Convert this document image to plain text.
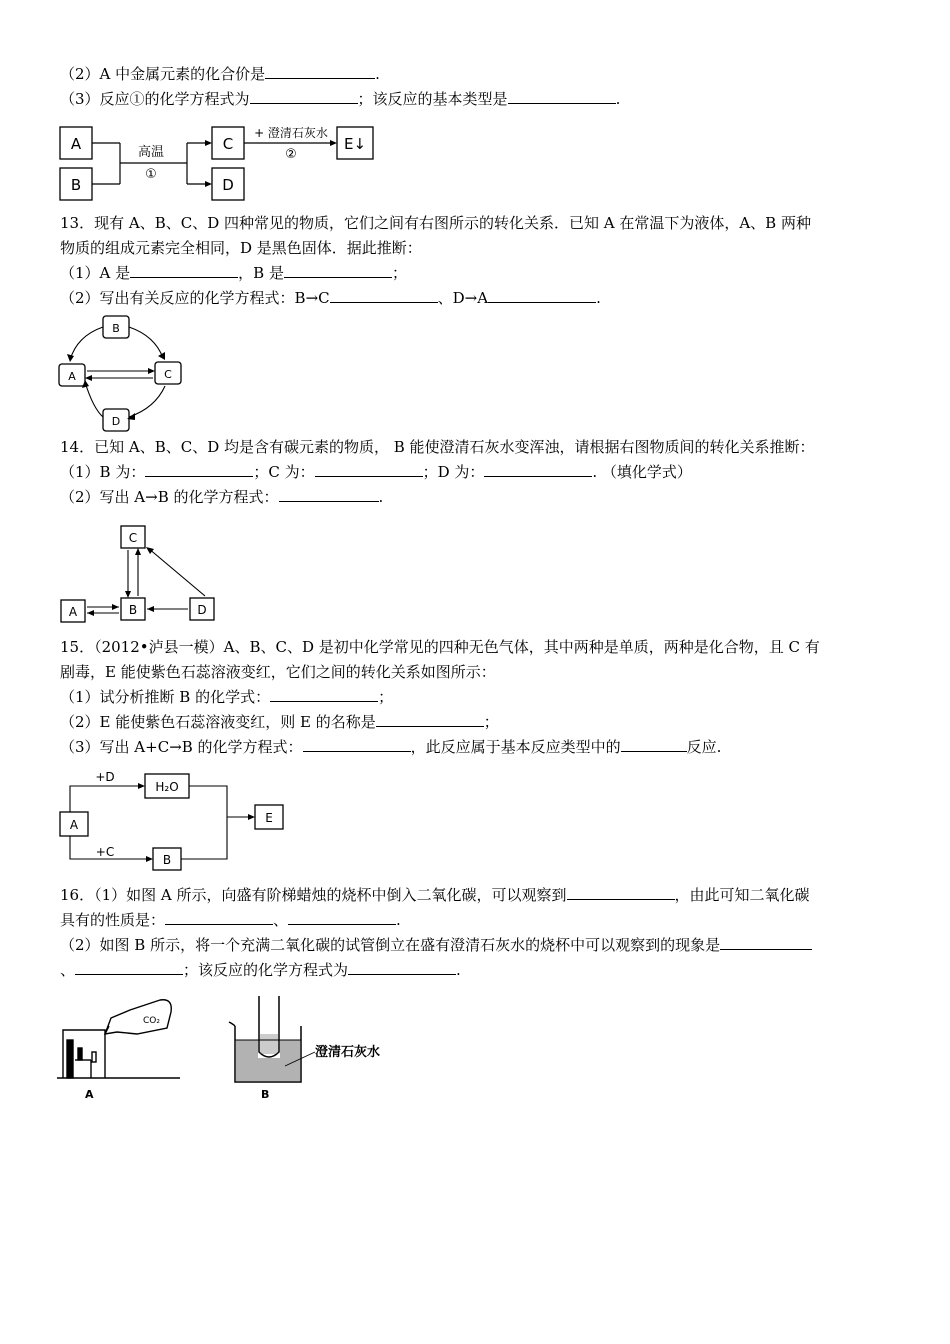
（2）A 中金属元素的化合价是	.
（3）反应①的化学方程式为	；该反应的基本类型是	.
A
B
C
D
E↓
高温
①
+ 澄清石灰水
②
13．现有 A、B、C、D 四种常见的物质，它们之间有右图所示的转化关系．已知 A 在常温下为液体，A、B 两种
物质的组成元素完全相同，D 是黑色固体．据此推断：
（1）A 是	，B 是	；
（2）写出有关反应的化学方程式：B→C	、D→A	.
B
A	C
D
14．已知 A、B、C、D 均是含有碳元素的物质， B 能使澄清石灰水变浑浊，请根据右图物质间的转化关系推断：
（1）B 为：	；C 为：	；D 为：	. （填化学式）
（2）写出 A→B 的化学方程式：	.
C
A	B	D
15．（2012•泸县一模）A、B、C、D 是初中化学常见的四种无色气体，其中两种是单质，两种是化合物，且 C 有
剧毒，E 能使紫色石蕊溶液变红，它们之间的转化关系如图所示：
（1）试分析推断 B 的化学式：	；
（2）E 能使紫色石蕊溶液变红，则 E 的名称是	；
（3）写出 A+C→B 的化学方程式：	，此反应属于基本反应类型中的	反应.
A
H₂O
B
E
+D
+C
16．（1）如图 A 所示，向盛有阶梯蜡烛的烧杯中倒入二氧化碳，可以观察到	，由此可知二氧化碳
具有的性质是：	、	.
（2）如图 B 所示，将一个充满二氧化碳的试管倒立在盛有澄清石灰水的烧杯中可以观察到的现象是
、	；该反应的化学方程式为	.
CO₂
A
澄清石灰水
B
